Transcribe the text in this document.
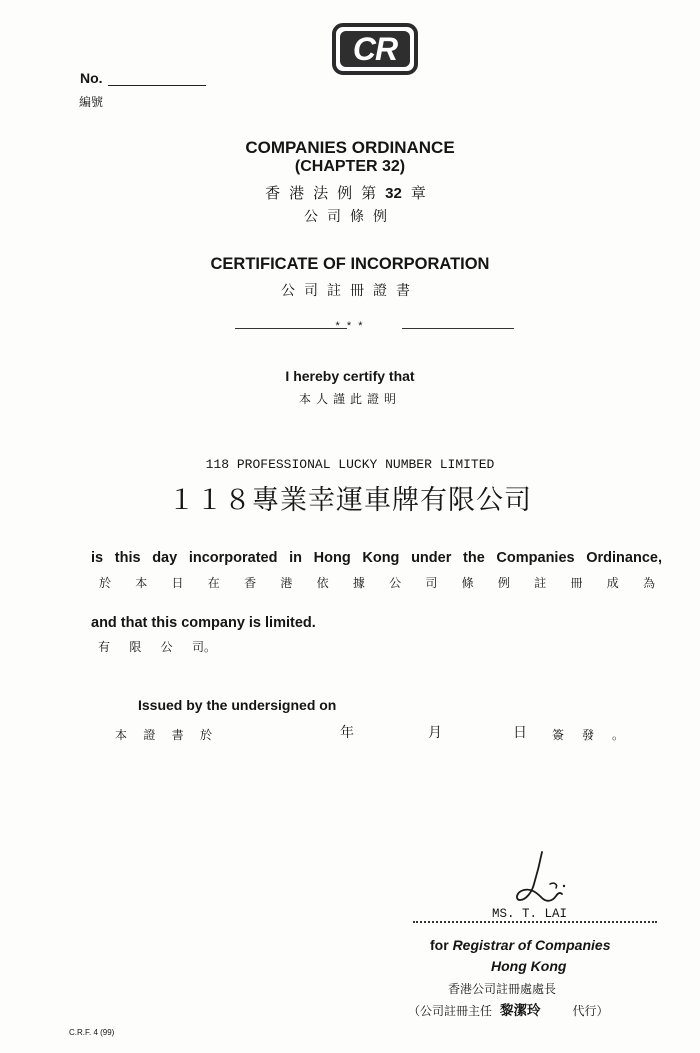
CR
No.
編號
COMPANIES ORDINANCE
(CHAPTER 32)
香港法例第32 章
公司條例
CERTIFICATE OF INCORPORATION
公司註冊證書
* * *
I hereby certify that
本人謹此證明
118 PROFESSIONAL LUCKY NUMBER LIMITED
１１８專業幸運車牌有限公司
is this day incorporated in Hong Kong under the Companies Ordinance,
於 本 日 在 香 港 依 據 公 司 條 例 註 冊 成 為
and that this company is limited.
有 限 公 司。
Issued by the undersigned on
本 證 書 於	年	月	日 簽 發 。
MS. T. LAI
for Registrar of Companies
Hong Kong
香港公司註冊處處長
（公司註冊主任 黎潔玲	代行）
C.R.F. 4 (99)
